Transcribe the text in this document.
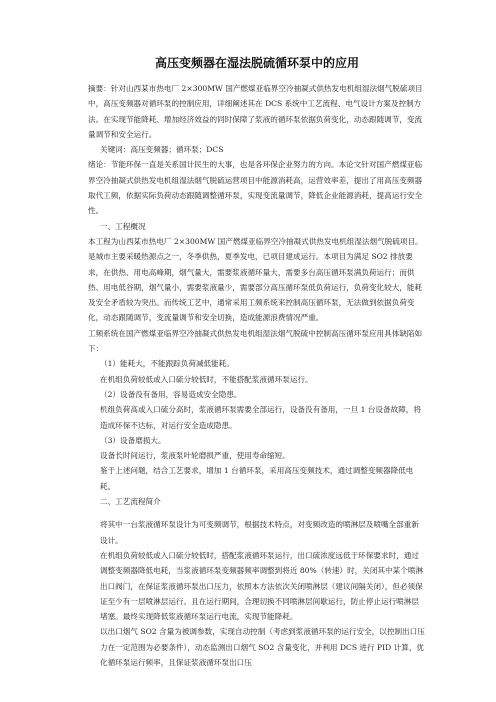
高压变频器在湿法脱硫循环泵中的应用

摘要：针对山西某市热电厂 2×300MW 国产燃煤亚临界空冷抽凝式供热发电机组湿法烟气脱硫项目中，高压变频器对循环泵的控制应用，详细阐述其在 DCS 系统中工艺流程、电气设计方案及控制方法。在实现节能降耗、增加经济效益的同时保障了浆液的循环泵依据负荷变化，动态跟随调节，变流量调节和安全运行。

关键词：高压变频器；循环泵；DCS

绪论：节能环保一直是关系国计民生的大事，也是各环保企业努力的方向。本论文针对国产燃煤亚临界空冷抽凝式供热发电机组湿法烟气脱硫运营项目中能源消耗高，运营效率差，提出了用高压变频器取代工频，依据实际负荷动态跟随调整循环泵，实现变流量调节，降低企业能源消耗，提高运行安全性。

一、工程概况

本工程为山西某市热电厂 2×300MW 国产燃煤亚临界空冷抽凝式供热发电机组湿法烟气脱硫项目。是城市主要采暖热源点之一，冬季供热，夏季发电，已项目建成运行。本项目为满足 SO2 排放要求，在供热、用电高峰期，烟气量大，需要浆液循环量大，需要多台高压循环泵满负荷运行；而供热、用电低谷期，烟气量小，需要浆液量少，需要部分高压循环泵低负荷运行，负荷变化较大，能耗及安全矛盾较为突出。而传统工艺中，通常采用工频系统来控制高压循环泵，无法做到依据负荷变化，动态跟随调节，变流量调节和安全切换，造成能源浪费情况严重。

工频系统在国产燃煤亚临界空冷抽凝式供热发电机组湿法烟气脱硫中控制高压循环泵应用具体缺陷如下：

（1）能耗大，不能跟踪负荷减低能耗。

在机组负荷较低或入口硫分较低时，不能搭配浆液循环泵运行。

（2）设备没有备用，容易造成安全隐患。

机组负荷高或入口硫分高时，浆液循环泵需要全部运行，设备没有备用，一旦 1 台设备故障，将造成环保不达标，对运行安全造成隐患。

（3）设备磨损大。

设备长时间运行，浆液泵叶轮磨损严重，使用寿命缩短。

鉴于上述问题，结合工艺要求，增加 1 台循环泵，采用高压变频技术，通过调整变频器降低电耗。

二、工艺流程简介

将其中一台浆液循环泵设计为可变频调节，根据技术特点，对变频改造的喷淋层及喷嘴全部重新设计。

在机组负荷较低或入口硫分较低时，搭配浆液循环泵运行，出口硫浓度远低于环保要求时，通过调整变频器降低电耗，当浆液循环泵变频器频率调整到将近 80%（转速）时，关闭其中某个喷淋出口阀门，在保证浆液循环泵出口压力，依照本方法依次关闭喷淋层（建议间隔关闭），但必须保证至少有一层喷淋层运行。且在运行期间，合理切换不同喷淋层间歇运行，防止停止运行喷淋层堵塞。最终实现降低浆液循环泵运行电流，实现节能降耗。

以出口烟气 SO2 含量为被调参数，实现自动控制（考虑到浆液循环泵的运行安全，以控制出口压力在一定范围为必要条件），动态监测出口烟气 SO2 含量变化，并利用 DCS 进行 PID 计算，优化循环泵运行频率，且保证浆液循环泵出口压
